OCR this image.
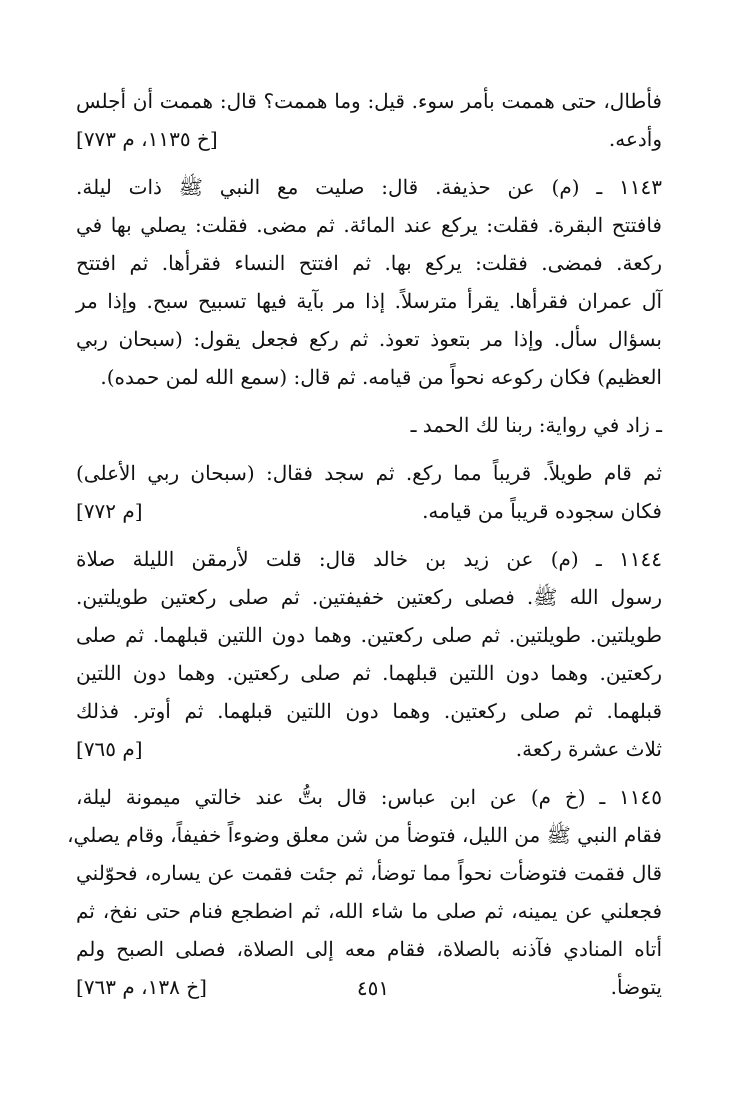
فأطال، حتى هممت بأمر سوء. قيل: وما هممت؟ قال: هممت أن أجلس
وأدعه.
[خ ١١٣٥، م ٧٧٣]
١١٤٣ ـ (م) عن حذيفة. قال: صليت مع النبي ﷺ ذات ليلة.
فافتتح البقرة. فقلت: يركع عند المائة. ثم مضى. فقلت: يصلي بها في
ركعة. فمضى. فقلت: يركع بها. ثم افتتح النساء فقرأها. ثم افتتح
آل عمران فقرأها. يقرأ مترسلاً. إذا مر بآية فيها تسبيح سبح. وإذا مر
بسؤال سأل. وإذا مر بتعوذ تعوذ. ثم ركع فجعل يقول: (سبحان ربي
العظيم) فكان ركوعه نحواً من قيامه. ثم قال: (سمع الله لمن حمده).
ـ زاد في رواية: ربنا لك الحمد ـ
ثم قام طويلاً. قريباً مما ركع. ثم سجد فقال: (سبحان ربي الأعلى)
فكان سجوده قريباً من قيامه.
[م ٧٧٢]
١١٤٤ ـ (م) عن زيد بن خالد قال: قلت لأرمقن الليلة صلاة
رسول الله ﷺ. فصلى ركعتين خفيفتين. ثم صلى ركعتين طويلتين.
طويلتين. طويلتين. ثم صلى ركعتين. وهما دون اللتين قبلهما. ثم صلى
ركعتين. وهما دون اللتين قبلهما. ثم صلى ركعتين. وهما دون اللتين
قبلهما. ثم صلى ركعتين. وهما دون اللتين قبلهما. ثم أوتر. فذلك
ثلاث عشرة ركعة.
[م ٧٦٥]
١١٤٥ ـ (خ م) عن ابن عباس: قال بتُّ عند خالتي ميمونة ليلة،
فقام النبي ﷺ من الليل، فتوضأ من شن معلق وضوءاً خفيفاً، وقام يصلي،
قال فقمت فتوضأت نحواً مما توضأ، ثم جئت فقمت عن يساره، فحوّلني
فجعلني عن يمينه، ثم صلى ما شاء الله، ثم اضطجع فنام حتى نفخ، ثم
أتاه المنادي فآذنه بالصلاة، فقام معه إلى الصلاة، فصلى الصبح ولم
يتوضأ.
[خ ١٣٨، م ٧٦٣]	٤٥١
